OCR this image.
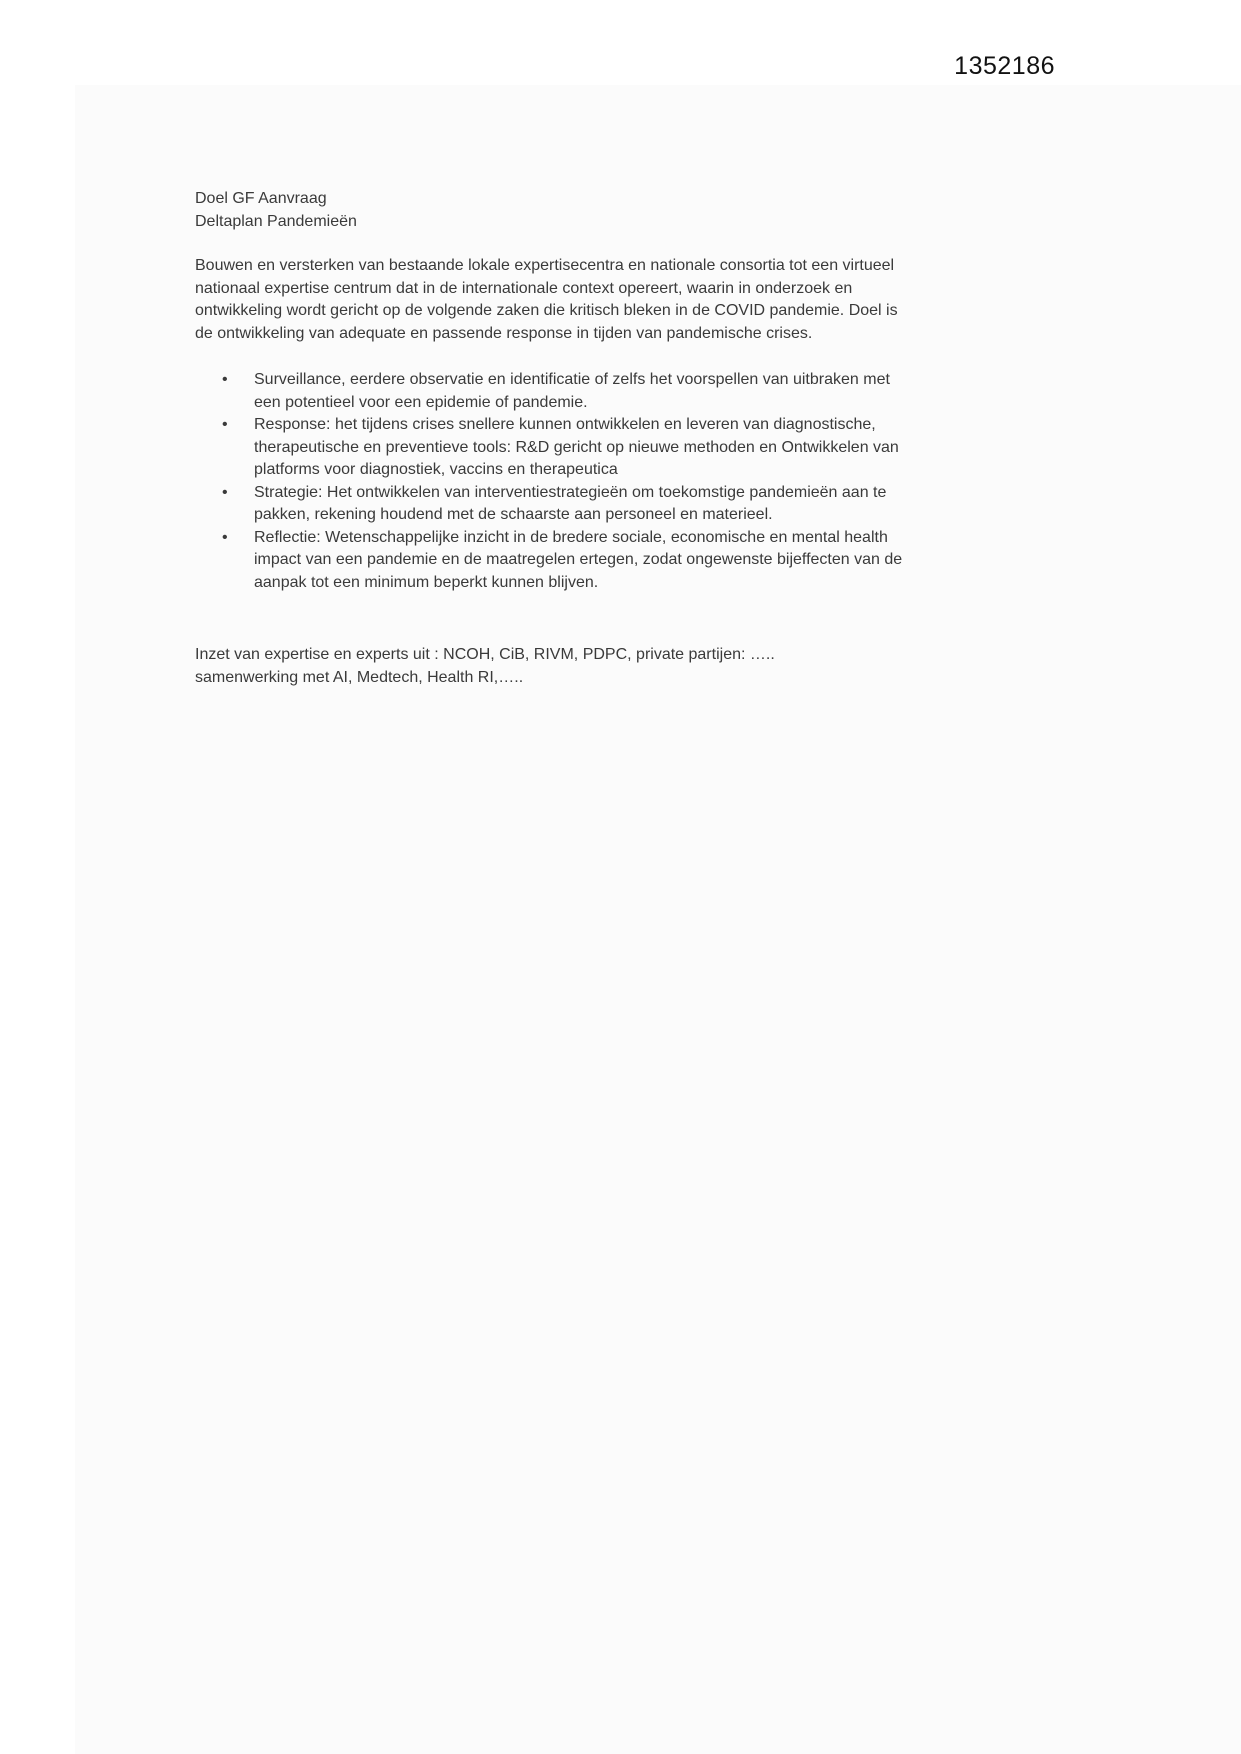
1352186

Doel GF Aanvraag

Deltaplan Pandemieën

Bouwen en versterken van bestaande lokale expertisecentra en nationale consortia tot een virtueel nationaal expertise centrum dat in de internationale context opereert, waarin in onderzoek en ontwikkeling wordt gericht op de volgende zaken die kritisch bleken in de COVID pandemie. Doel is de ontwikkeling van adequate en passende response in tijden van pandemische crises.

• Surveillance, eerdere observatie en identificatie of zelfs het voorspellen van uitbraken met een potentieel voor een epidemie of pandemie.
• Response: het tijdens crises snellere kunnen ontwikkelen en leveren van diagnostische, therapeutische en preventieve tools: R&D gericht op nieuwe methoden en Ontwikkelen van platforms voor diagnostiek, vaccins en therapeutica
• Strategie: Het ontwikkelen van interventiestrategieën om toekomstige pandemieën aan te pakken, rekening houdend met de schaarste aan personeel en materieel.
• Reflectie: Wetenschappelijke inzicht in de bredere sociale, economische en mental health impact van een pandemie en de maatregelen ertegen, zodat ongewenste bijeffecten van de aanpak tot een minimum beperkt kunnen blijven.

Inzet van expertise en experts uit : NCOH, CiB, RIVM, PDPC, private partijen: …..

samenwerking met AI, Medtech, Health RI,…..
